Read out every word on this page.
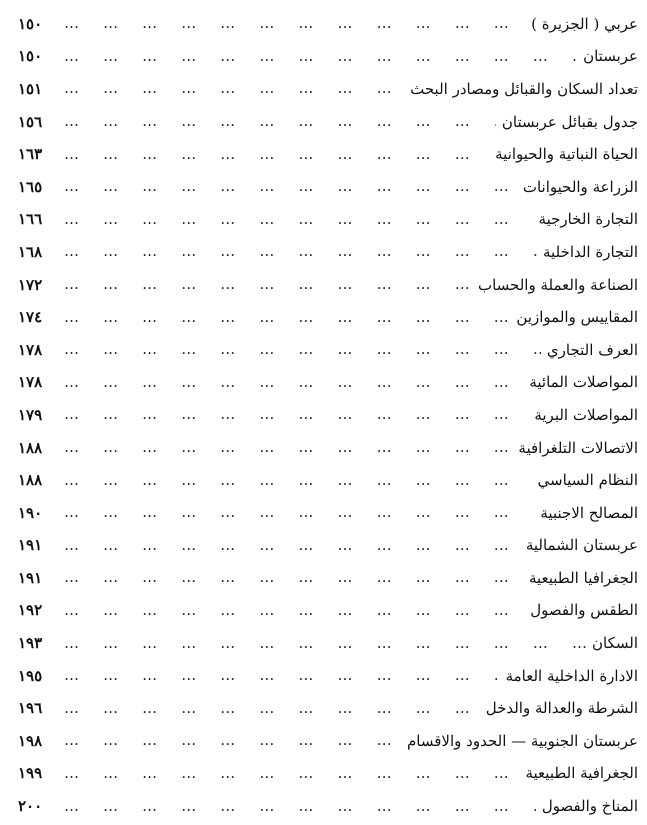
عربي ( الجزيرة )
… … … … … … … … … … … … … … … … … …
١٥٠
عربستان
… … … … … … … … … … … … … … … … … …
١٥٠
تعداد السكان والقبائل ومصادر البحث
… … … … … … … … … … … … … … … … … …
١٥١
جدول بقبائل عربستان
… … … … … … … … … … … … … … … … … …
١٥٦
الحياة النباتية والحيوانية
… … … … … … … … … … … … … … … … … …
١٦٣
الزراعة والحيوانات
… … … … … … … … … … … … … … … … … …
١٦٥
التجارة الخارجية
… … … … … … … … … … … … … … … … … …
١٦٦
التجارة الداخلية
… … … … … … … … … … … … … … … … … …
١٦٨
الصناعة والعملة والحساب
… … … … … … … … … … … … … … … … … …
١٧٢
المقاييس والموازين
… … … … … … … … … … … … … … … … … …
١٧٤
العرف التجاري
… … … … … … … … … … … … … … … … … …
١٧٨
المواصلات المائية
… … … … … … … … … … … … … … … … … …
١٧٨
المواصلات البرية
… … … … … … … … … … … … … … … … … …
١٧٩
الاتصالات التلغرافية
… … … … … … … … … … … … … … … … … …
١٨٨
النظام السياسي
… … … … … … … … … … … … … … … … … …
١٨٨
المصالح الاجنبية
… … … … … … … … … … … … … … … … … …
١٩٠
عربستان الشمالية
… … … … … … … … … … … … … … … … … …
١٩١
الجغرافيا الطبيعية
… … … … … … … … … … … … … … … … … …
١٩١
الطقس والفصول
… … … … … … … … … … … … … … … … … …
١٩٢
السكان
… … … … … … … … … … … … … … … … … …
١٩٣
الادارة الداخلية العامة
… … … … … … … … … … … … … … … … … …
١٩٥
الشرطة والعدالة والدخل
… … … … … … … … … … … … … … … … … …
١٩٦
عربستان الجنوبية — الحدود والاقسام
… … … … … … … … … … … … … … … … … …
١٩٨
الجغرافية الطبيعية
… … … … … … … … … … … … … … … … … …
١٩٩
المناخ والفصول
… … … … … … … … … … … … … … … … … …
٢٠٠
